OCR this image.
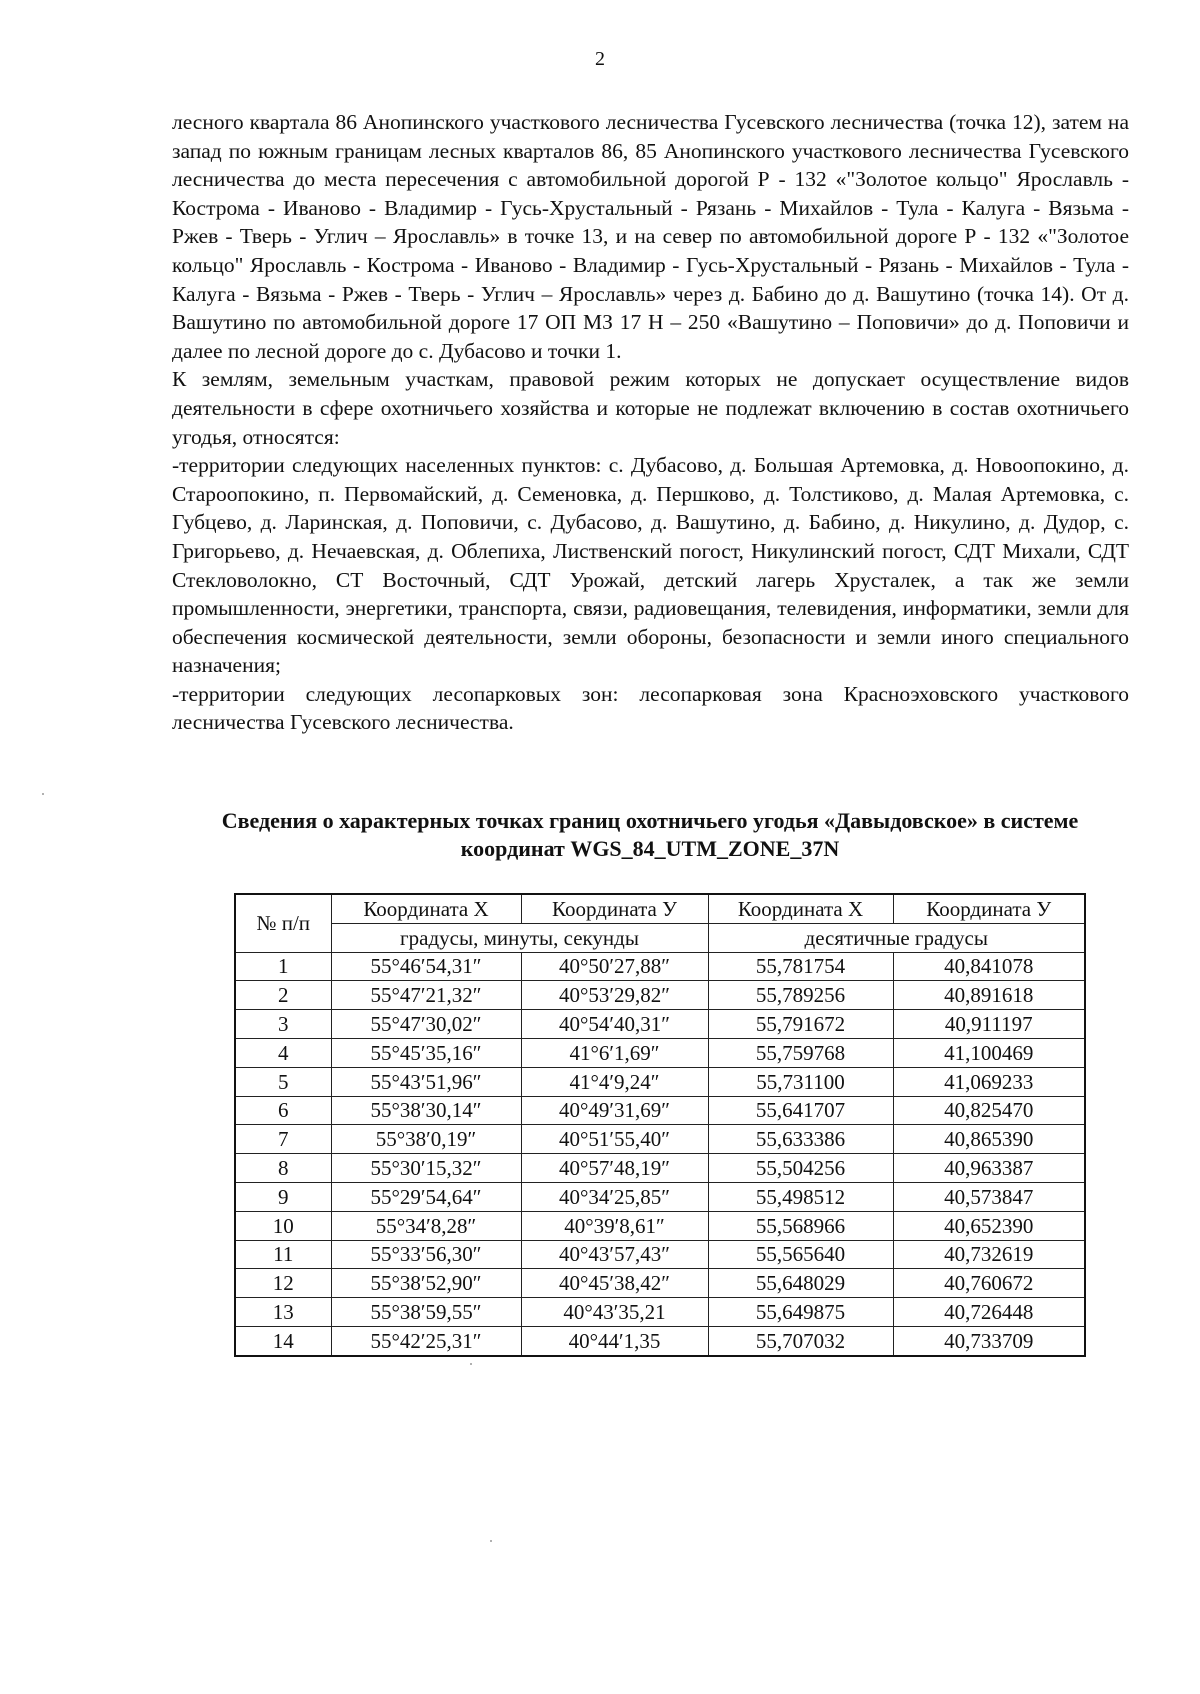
2

лесного квартала 86 Анопинского участкового лесничества Гусевского лесничества (точка 12), затем на запад по южным границам лесных кварталов 86, 85 Анопинского участкового лесничества Гусевского лесничества до места пересечения с автомобильной дорогой Р - 132 «"Золотое кольцо" Ярославль - Кострома - Иваново - Владимир - Гусь-Хрустальный - Рязань - Михайлов - Тула - Калуга - Вязьма - Ржев - Тверь - Углич – Ярославль» в точке 13, и на север по автомобильной дороге Р - 132 «"Золотое кольцо" Ярославль - Кострома - Иваново - Владимир - Гусь-Хрустальный - Рязань - Михайлов - Тула - Калуга - Вязьма - Ржев - Тверь - Углич – Ярославль» через д. Бабино до д. Вашутино (точка 14). От д. Вашутино по автомобильной дороге 17 ОП МЗ 17 Н – 250 «Вашутино – Поповичи» до д. Поповичи и далее по лесной дороге до с. Дубасово и точки 1.

К землям, земельным участкам, правовой режим которых не допускает осуществление видов деятельности в сфере охотничьего хозяйства и которые не подлежат включению в состав охотничьего угодья, относятся:

-территории следующих населенных пунктов: с. Дубасово, д. Большая Артемовка, д. Новоопокино, д. Староопокино, п. Первомайский, д. Семеновка, д. Першково, д. Толстиково, д. Малая Артемовка, с. Губцево, д. Ларинская, д. Поповичи, с. Дубасово, д. Вашутино, д. Бабино, д. Никулино, д. Дудор, с. Григорьево, д. Нечаевская, д. Облепиха, Лиственский погост, Никулинский погост, СДТ Михали, СДТ Стекловолокно, СТ Восточный, СДТ Урожай, детский лагерь Хрусталек, а так же земли промышленности, энергетики, транспорта, связи, радиовещания, телевидения, информатики, земли для обеспечения космической деятельности, земли обороны, безопасности и земли иного специального назначения;

-территории следующих лесопарковых зон: лесопарковая зона Красноэховского участкового лесничества Гусевского лесничества.

Сведения о характерных точках границ охотничьего угодья «Давыдовское» в системе
координат WGS_84_UTM_ZONE_37N
№ п/п	Координата X	Координата У	Координата X	Координата У
	градусы, минуты, секунды		десятичные градусы	
1	55°46′54,31″	40°50′27,88″	55,781754	40,841078
2	55°47′21,32″	40°53′29,82″	55,789256	40,891618
3	55°47′30,02″	40°54′40,31″	55,791672	40,911197
4	55°45′35,16″	41°6′1,69″	55,759768	41,100469
5	55°43′51,96″	41°4′9,24″	55,731100	41,069233
6	55°38′30,14″	40°49′31,69″	55,641707	40,825470
7	55°38′0,19″	40°51′55,40″	55,633386	40,865390
8	55°30′15,32″	40°57′48,19″	55,504256	40,963387
9	55°29′54,64″	40°34′25,85″	55,498512	40,573847
10	55°34′8,28″	40°39′8,61″	55,568966	40,652390
11	55°33′56,30″	40°43′57,43″	55,565640	40,732619
12	55°38′52,90″	40°45′38,42″	55,648029	40,760672
13	55°38′59,55″	40°43′35,21	55,649875	40,726448
14	55°42′25,31″	40°44′1,35	55,707032	40,733709
